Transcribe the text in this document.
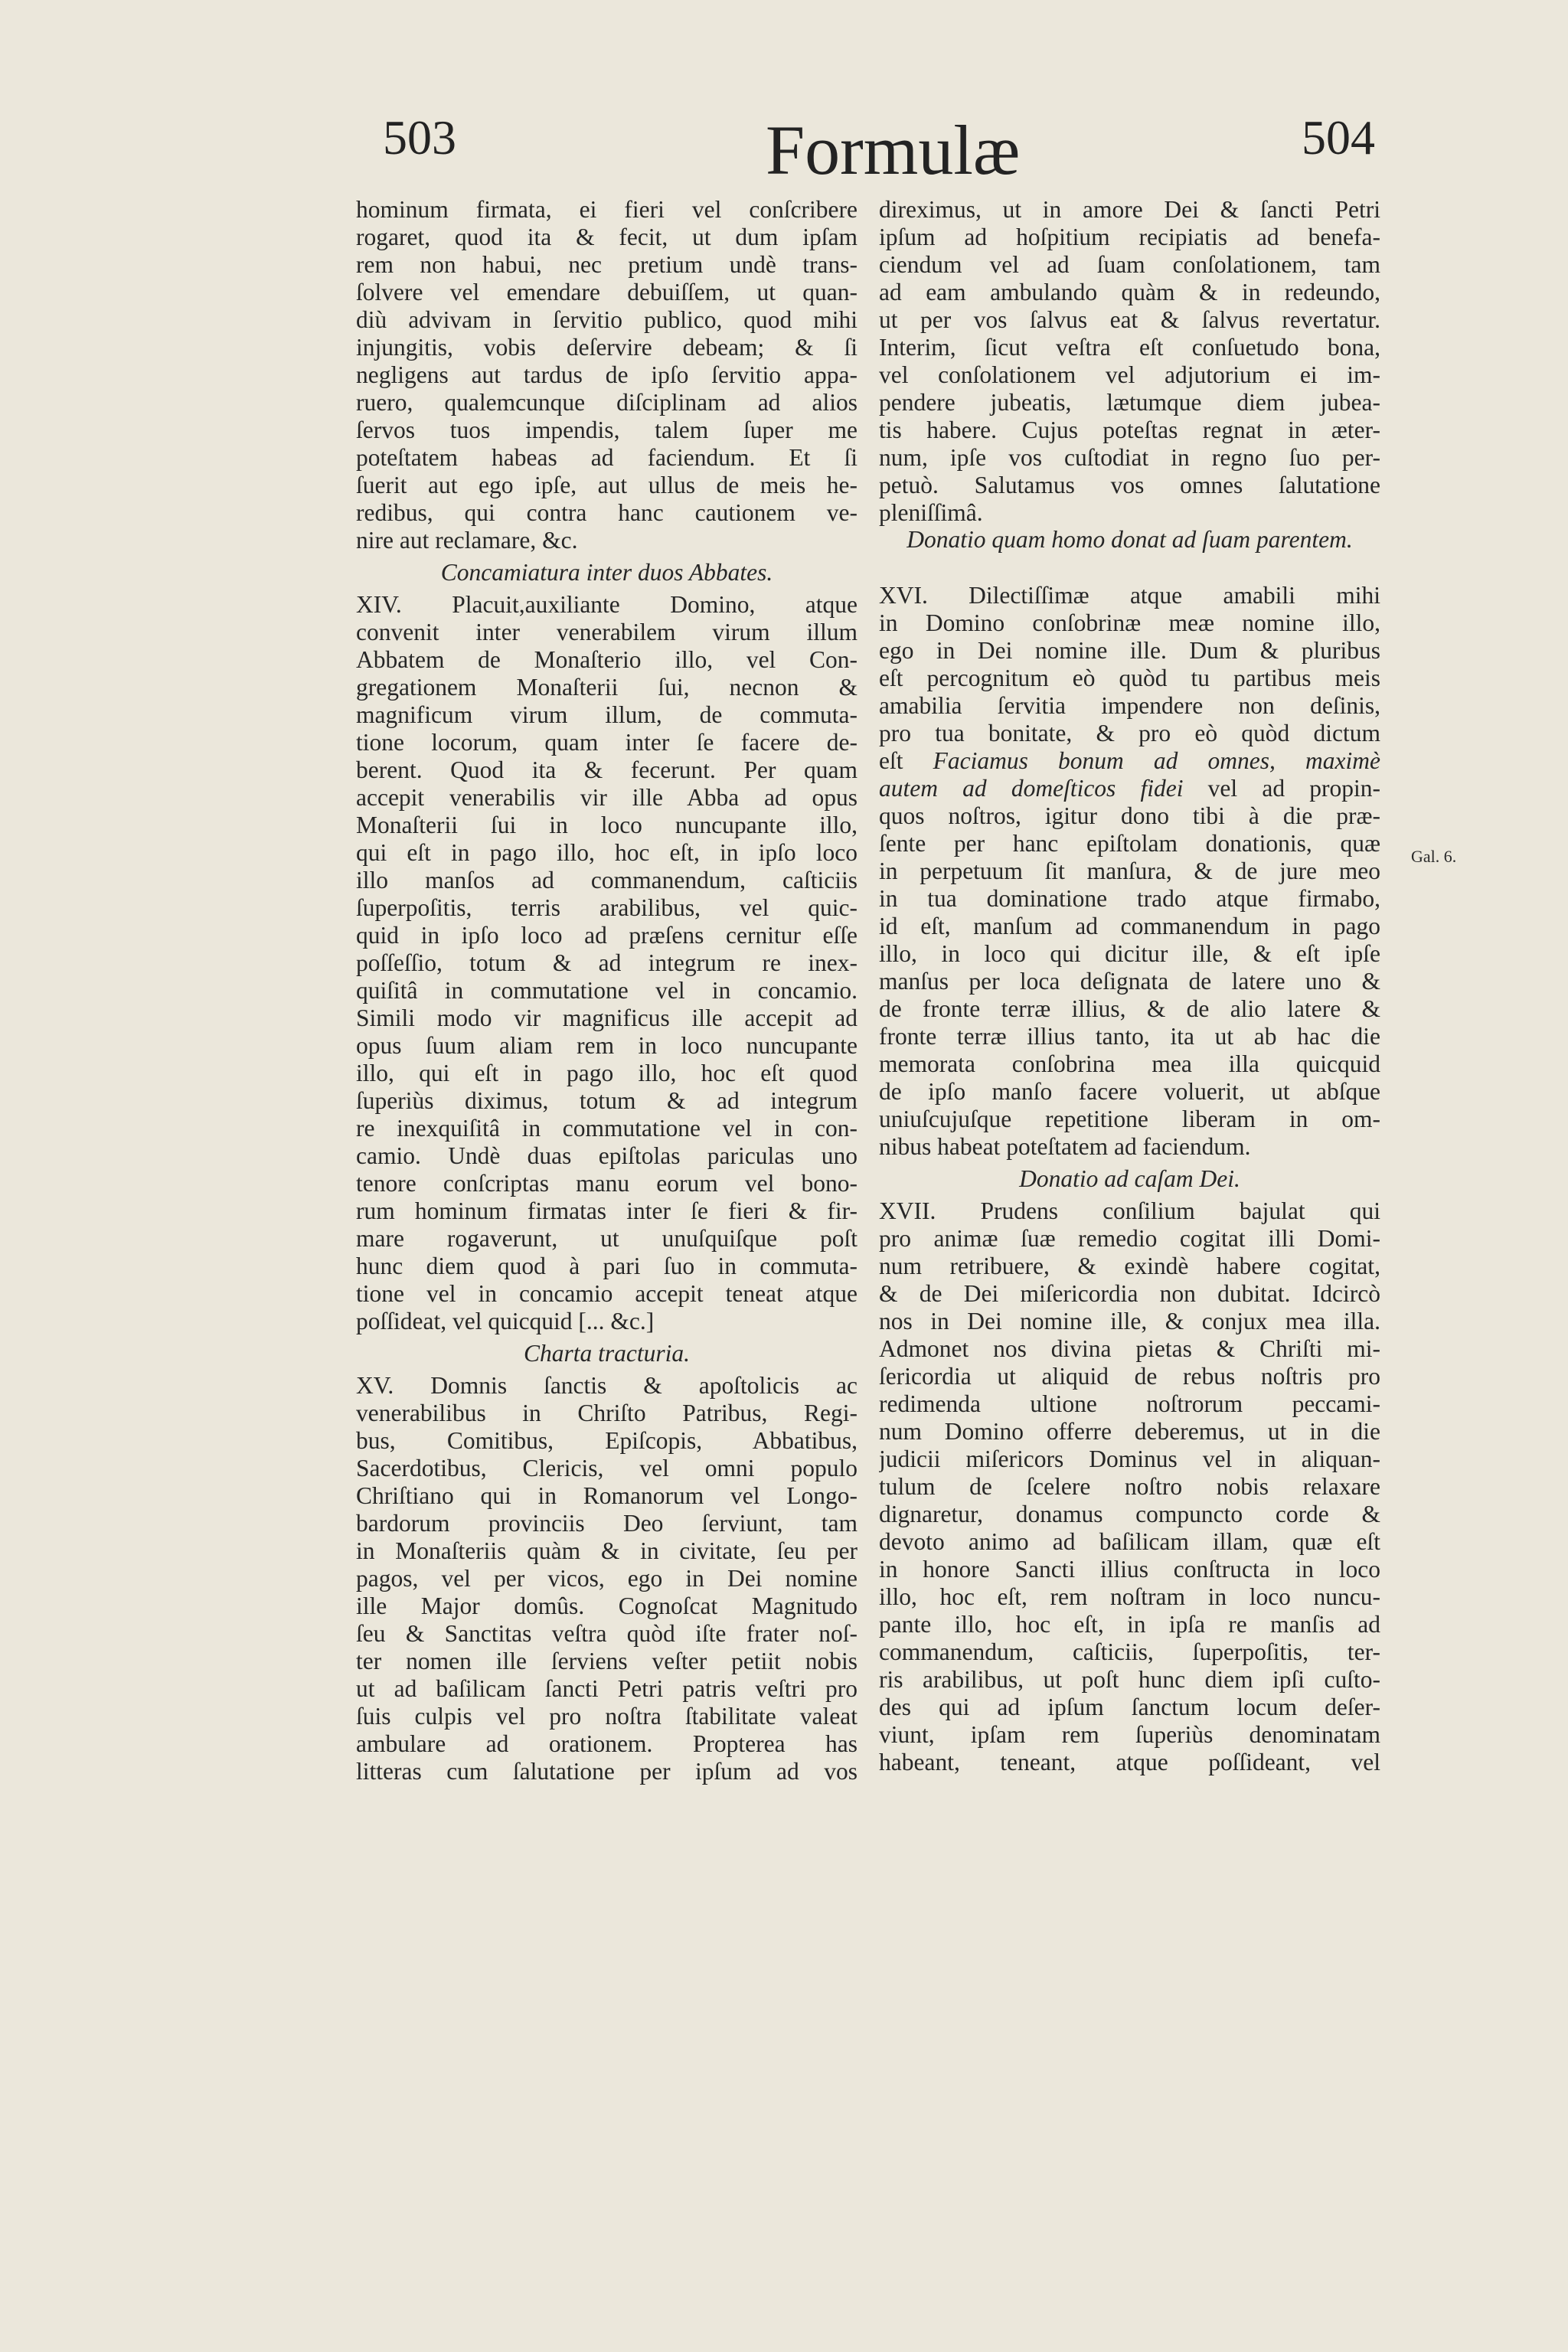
503	Formulæ	504
hominum firmata, ei fieri vel conſcribere
rogaret, quod ita & fecit, ut dum ipſam
rem non habui, nec pretium undè trans-
ſolvere vel emendare debuiſſem, ut quan-
diù advivam in ſervitio publico, quod mihi
injungitis, vobis deſervire debeam; & ſi
negligens aut tardus de ipſo ſervitio appa-
ruero, qualemcunque diſciplinam ad alios
ſervos tuos impendis, talem ſuper me
poteſtatem habeas ad faciendum. Et ſi
ſuerit aut ego ipſe, aut ullus de meis he-
redibus, qui contra hanc cautionem ve-
nire aut reclamare, &c.
Concamiatura inter duos Abbates.
XIV. Placuit,auxiliante Domino, atque
convenit inter venerabilem virum illum
Abbatem de Monaſterio illo, vel Con-
gregationem Monaſterii ſui, necnon &
magnificum virum illum, de commuta-
tione locorum, quam inter ſe facere de-
berent. Quod ita & fecerunt. Per quam
accepit venerabilis vir ille Abba ad opus
Monaſterii ſui in loco nuncupante illo,
qui eſt in pago illo, hoc eſt, in ipſo loco
illo manſos ad commanendum, caſticiis
ſuperpoſitis, terris arabilibus, vel quic-
quid in ipſo loco ad præſens cernitur eſſe
poſſeſſio, totum & ad integrum re inex-
quiſitâ in commutatione vel in concamio.
Simili modo vir magnificus ille accepit ad
opus ſuum aliam rem in loco nuncupante
illo, qui eſt in pago illo, hoc eſt quod
ſuperiùs diximus, totum & ad integrum
re inexquiſitâ in commutatione vel in con-
camio. Undè duas epiſtolas pariculas uno
tenore conſcriptas manu eorum vel bono-
rum hominum firmatas inter ſe fieri & fir-
mare rogaverunt, ut unuſquiſque poſt
hunc diem quod à pari ſuo in commuta-
tione vel in concamio accepit teneat atque
poſſideat, vel quicquid [... &c.]
Charta tracturia.
XV. Domnis ſanctis & apoſtolicis ac
venerabilibus in Chriſto Patribus, Regi-
bus, Comitibus, Epiſcopis, Abbatibus,
Sacerdotibus, Clericis, vel omni populo
Chriſtiano qui in Romanorum vel Longo-
bardorum provinciis Deo ſerviunt, tam
in Monaſteriis quàm & in civitate, ſeu per
pagos, vel per vicos, ego in Dei nomine
ille Major domûs. Cognoſcat Magnitudo
ſeu & Sanctitas veſtra quòd iſte frater noſ-
ter nomen ille ſerviens veſter petiit nobis
ut ad baſilicam ſancti Petri patris veſtri pro
ſuis culpis vel pro noſtra ſtabilitate valeat
ambulare ad orationem. Propterea has
litteras cum ſalutatione per ipſum ad vos
direximus, ut in amore Dei & ſancti Petri
ipſum ad hoſpitium recipiatis ad benefa-
ciendum vel ad ſuam conſolationem, tam
ad eam ambulando quàm & in redeundo,
ut per vos ſalvus eat & ſalvus revertatur.
Interim, ſicut veſtra eſt conſuetudo bona,
vel conſolationem vel adjutorium ei im-
pendere jubeatis, lætumque diem jubea-
tis habere. Cujus poteſtas regnat in æter-
num, ipſe vos cuſtodiat in regno ſuo per-
petuò. Salutamus vos omnes ſalutatione
pleniſſimâ.
Donatio quam homo donat ad ſuam parentem.
XVI. Dilectiſſimæ atque amabili mihi
in Domino conſobrinæ meæ nomine illo,
ego in Dei nomine ille. Dum & pluribus
eſt percognitum eò quòd tu partibus meis
amabilia ſervitia impendere non deſinis,
pro tua bonitate, & pro eò quòd dictum
eſt Faciamus bonum ad omnes, maximè
autem ad domeſticos fidei vel ad propin-
quos noſtros, igitur dono tibi à die præ-
ſente per hanc epiſtolam donationis, quæ
in perpetuum ſit manſura, & de jure meo
in tua dominatione trado atque firmabo,
id eſt, manſum ad commanendum in pago
illo, in loco qui dicitur ille, & eſt ipſe
manſus per loca deſignata de latere uno &
de fronte terræ illius, & de alio latere &
fronte terræ illius tanto, ita ut ab hac die
memorata conſobrina mea illa quicquid
de ipſo manſo facere voluerit, ut abſque
uniuſcujuſque repetitione liberam in om-
nibus habeat poteſtatem ad faciendum.
Donatio ad caſam Dei.
XVII. Prudens conſilium bajulat qui
pro animæ ſuæ remedio cogitat illi Domi-
num retribuere, & exindè habere cogitat,
& de Dei miſericordia non dubitat. Idcircò
nos in Dei nomine ille, & conjux mea illa.
Admonet nos divina pietas & Chriſti mi-
ſericordia ut aliquid de rebus noſtris pro
redimenda ultione noſtrorum peccami-
num Domino offerre deberemus, ut in die
judicii miſericors Dominus vel in aliquan-
tulum de ſcelere noſtro nobis relaxare
dignaretur, donamus compuncto corde &
devoto animo ad baſilicam illam, quæ eſt
in honore Sancti illius conſtructa in loco
illo, hoc eſt, rem noſtram in loco nuncu-
pante illo, hoc eſt, in ipſa re manſis ad
commanendum, caſticiis, ſuperpoſitis, ter-
ris arabilibus, ut poſt hunc diem ipſi cuſto-
des qui ad ipſum ſanctum locum deſer-
viunt, ipſam rem ſuperiùs denominatam
habeant, teneant, atque poſſideant, vel
Gal. 6.
